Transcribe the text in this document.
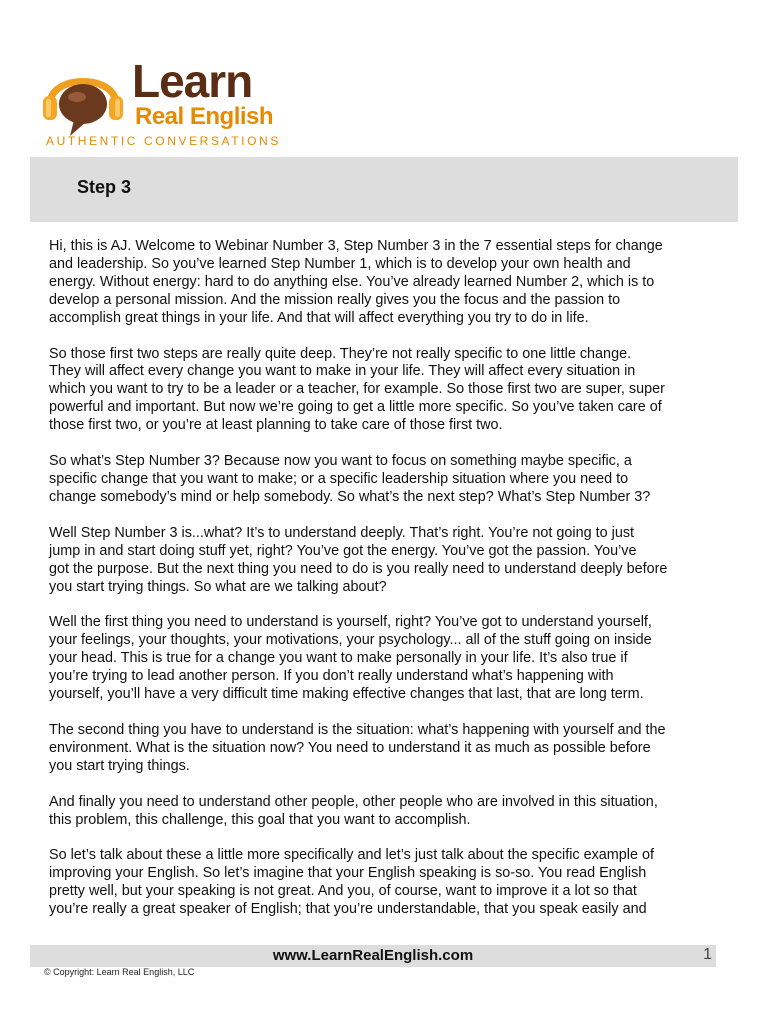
Learn
Real English
AUTHENTIC CONVERSATIONS
Step 3

Hi, this is AJ. Welcome to Webinar Number 3, Step Number 3 in the 7 essential steps for change
and leadership. So you’ve learned Step Number 1, which is to develop your own health and
energy. Without energy: hard to do anything else. You’ve already learned Number 2, which is to
develop a personal mission. And the mission really gives you the focus and the passion to
accomplish great things in your life. And that will affect everything you try to do in life.

So those first two steps are really quite deep. They’re not really specific to one little change.
They will affect every change you want to make in your life. They will affect every situation in
which you want to try to be a leader or a teacher, for example. So those first two are super, super
powerful and important. But now we’re going to get a little more specific. So you’ve taken care of
those first two, or you’re at least planning to take care of those first two.

So what’s Step Number 3? Because now you want to focus on something maybe specific, a
specific change that you want to make; or a specific leadership situation where you need to
change somebody’s mind or help somebody. So what’s the next step? What’s Step Number 3?

Well Step Number 3 is...what? It’s to understand deeply. That’s right. You’re not going to just
jump in and start doing stuff yet, right? You’ve got the energy. You’ve got the passion. You’ve
got the purpose. But the next thing you need to do is you really need to understand deeply before
you start trying things. So what are we talking about?

Well the first thing you need to understand is yourself, right? You’ve got to understand yourself,
your feelings, your thoughts, your motivations, your psychology... all of the stuff going on inside
your head. This is true for a change you want to make personally in your life. It’s also true if
you’re trying to lead another person. If you don’t really understand what’s happening with
yourself, you’ll have a very difficult time making effective changes that last, that are long term.

The second thing you have to understand is the situation: what’s happening with yourself and the
environment. What is the situation now? You need to understand it as much as possible before
you start trying things.

And finally you need to understand other people, other people who are involved in this situation,
this problem, this challenge, this goal that you want to accomplish.

So let’s talk about these a little more specifically and let’s just talk about the specific example of
improving your English. So let’s imagine that your English speaking is so-so. You read English
pretty well, but your speaking is not great. And you, of course, want to improve it a lot so that
you’re really a great speaker of English; that you’re understandable, that you speak easily and

www.LearnRealEnglish.com	1
© Copyright: Learn Real English, LLC
